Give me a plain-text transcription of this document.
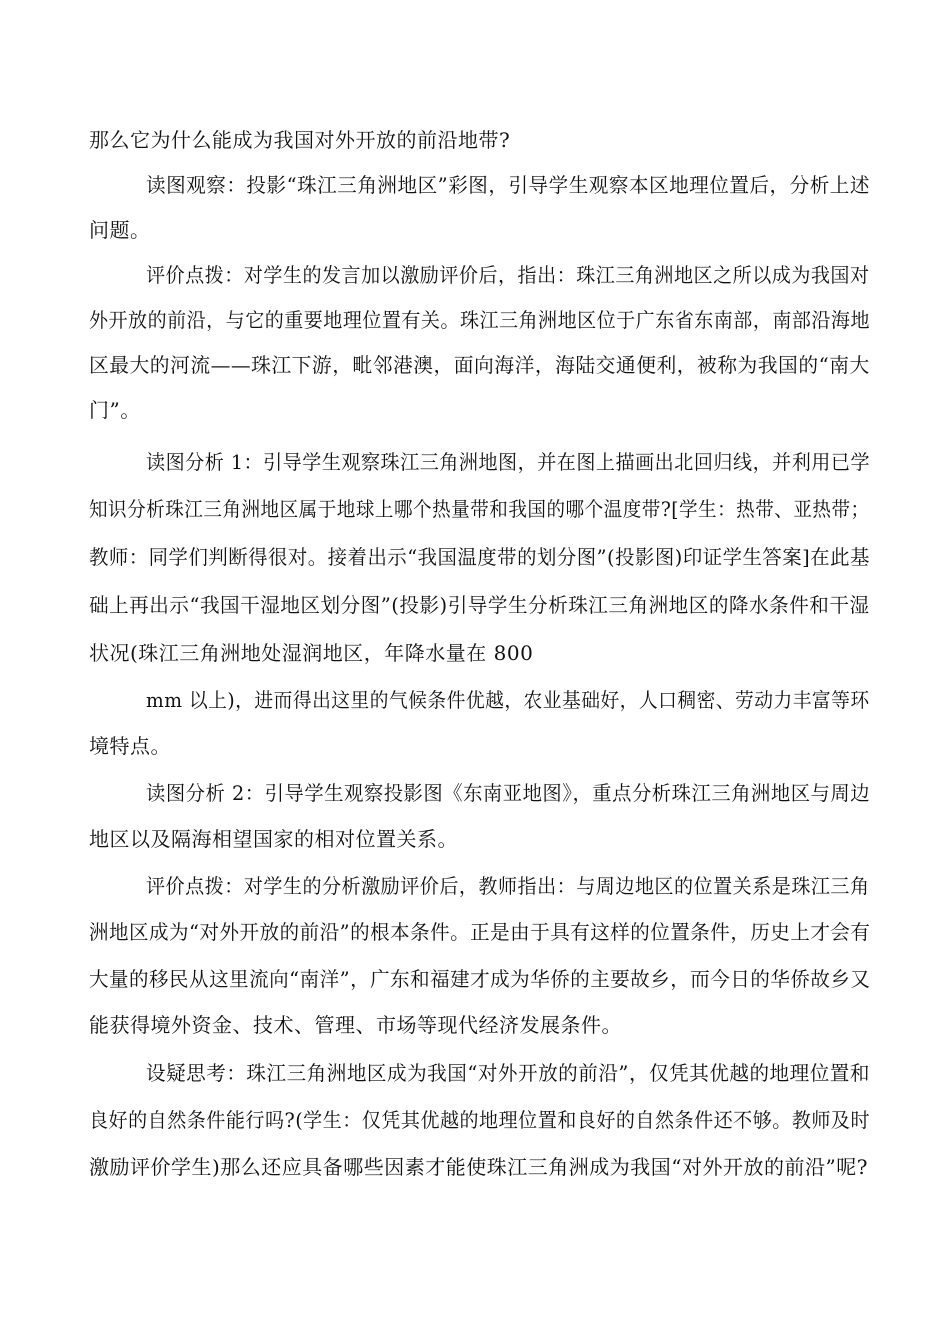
那么它为什么能成为我国对外开放的前沿地带?
读图观察：投影“珠江三角洲地区”彩图，引导学生观察本区地理位置后，分析上述
问题。
评价点拨：对学生的发言加以激励评价后，指出：珠江三角洲地区之所以成为我国对
外开放的前沿，与它的重要地理位置有关。珠江三角洲地区位于广东省东南部，南部沿海地
区最大的河流——珠江下游，毗邻港澳，面向海洋，海陆交通便利，被称为我国的“南大
门”。
读图分析 1：引导学生观察珠江三角洲地图，并在图上描画出北回归线，并利用已学
知识分析珠江三角洲地区属于地球上哪个热量带和我国的哪个温度带?[学生：热带、亚热带；
教师：同学们判断得很对。接着出示“我国温度带的划分图”(投影图)印证学生答案]在此基
础上再出示“我国干湿地区划分图”(投影)引导学生分析珠江三角洲地区的降水条件和干湿
状况(珠江三角洲地处湿润地区，年降水量在 800
mm 以上)，进而得出这里的气候条件优越，农业基础好，人口稠密、劳动力丰富等环
境特点。
读图分析 2：引导学生观察投影图《东南亚地图》，重点分析珠江三角洲地区与周边
地区以及隔海相望国家的相对位置关系。
评价点拨：对学生的分析激励评价后，教师指出：与周边地区的位置关系是珠江三角
洲地区成为“对外开放的前沿”的根本条件。正是由于具有这样的位置条件，历史上才会有
大量的移民从这里流向“南洋”，广东和福建才成为华侨的主要故乡，而今日的华侨故乡又
能获得境外资金、技术、管理、市场等现代经济发展条件。
设疑思考：珠江三角洲地区成为我国“对外开放的前沿”，仅凭其优越的地理位置和
良好的自然条件能行吗?(学生：仅凭其优越的地理位置和良好的自然条件还不够。教师及时
激励评价学生)那么还应具备哪些因素才能使珠江三角洲成为我国“对外开放的前沿”呢?
